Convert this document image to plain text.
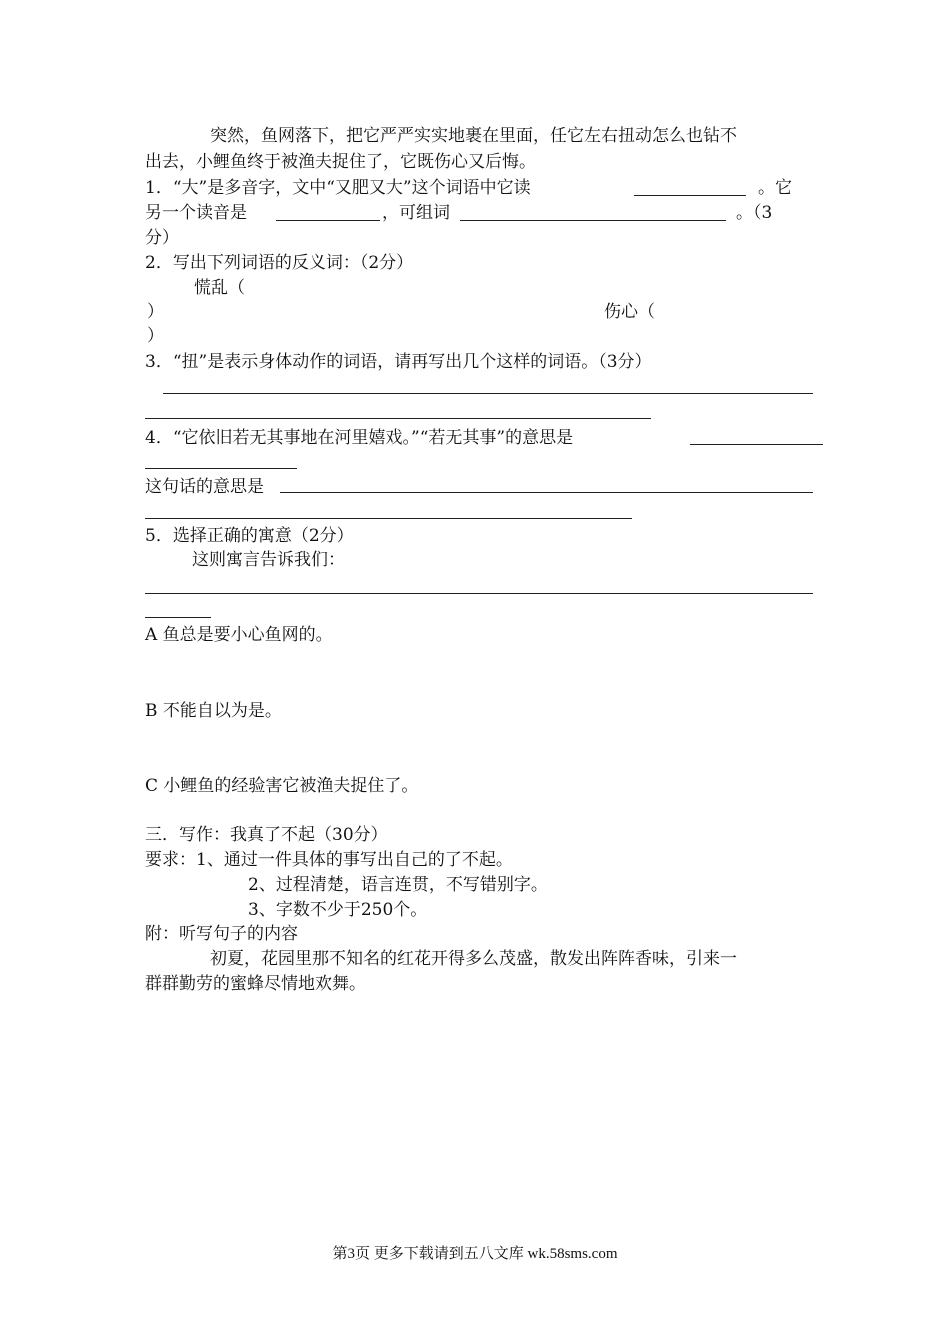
突然，鱼网落下，把它严严实实地裹在里面，任它左右扭动怎么也钻不
出去，小鲤鱼终于被渔夫捉住了，它既伤心又后悔。
1．“大”是多音字，文中“又肥又大”这个词语中它读	。它
另一个读音是	，可组词	。（3
分）
2．写出下列词语的反义词：（2分）
慌乱（
）	伤心（
）
3．“扭”是表示身体动作的词语，请再写出几个这样的词语。（3分）
4．“它依旧若无其事地在河里嬉戏。”“若无其事”的意思是
这句话的意思是
5．选择正确的寓意（2分）
这则寓言告诉我们：
A 鱼总是要小心鱼网的。
B 不能自以为是。
C 小鲤鱼的经验害它被渔夫捉住了。
三．写作：我真了不起（30分）
要求：1、通过一件具体的事写出自己的了不起。
2、过程清楚，语言连贯，不写错别字。
3、字数不少于250个。
附：听写句子的内容
初夏，花园里那不知名的红花开得多么茂盛，散发出阵阵香味，引来一
群群勤劳的蜜蜂尽情地欢舞。
第3页 更多下载请到五八文库 wk.58sms.com
